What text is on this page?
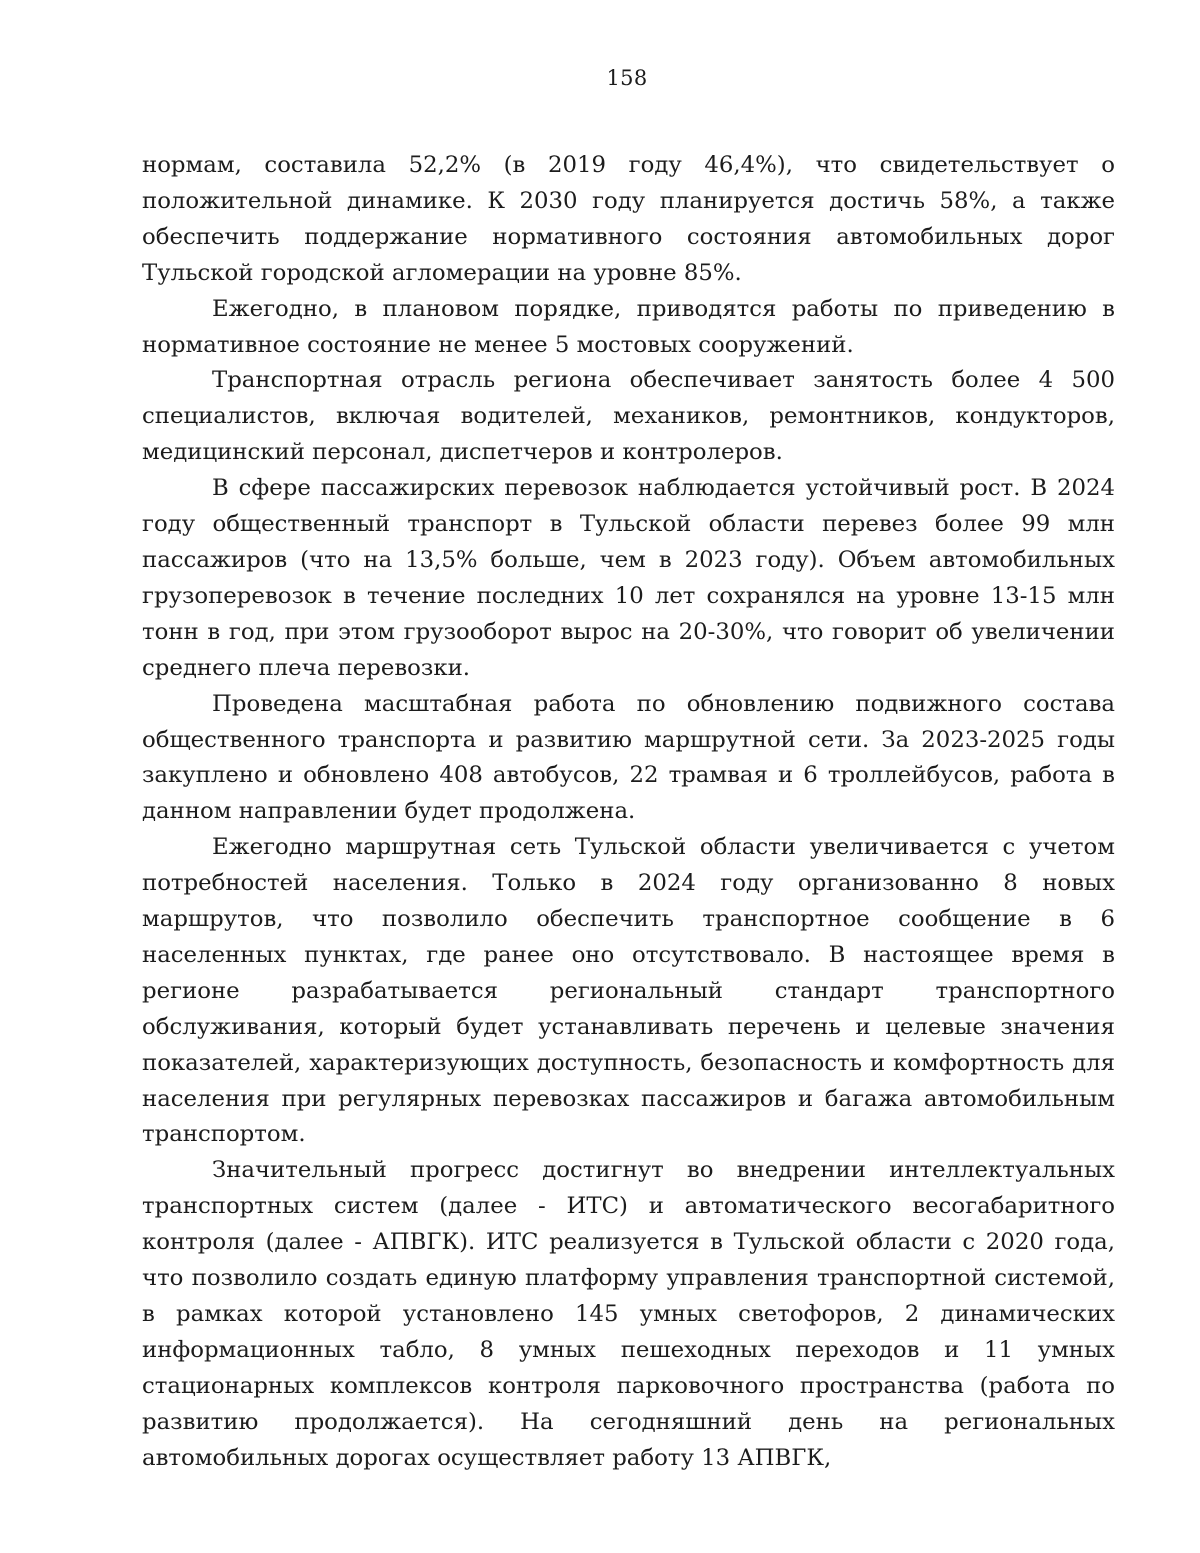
158

нормам, составила 52,2% (в 2019 году 46,4%), что свидетельствует о положительной динамике. К 2030 году планируется достичь 58%, а также обеспечить поддержание нормативного состояния автомобильных дорог Тульской городской агломерации на уровне 85%.

Ежегодно, в плановом порядке, приводятся работы по приведению в нормативное состояние не менее 5 мостовых сооружений.

Транспортная отрасль региона обеспечивает занятость более 4 500 специалистов, включая водителей, механиков, ремонтников, кондукторов, медицинский персонал, диспетчеров и контролеров.

В сфере пассажирских перевозок наблюдается устойчивый рост. В 2024 году общественный транспорт в Тульской области перевез более 99 млн пассажиров (что на 13,5% больше, чем в 2023 году). Объем автомобильных грузоперевозок в течение последних 10 лет сохранялся на уровне 13-15 млн тонн в год, при этом грузооборот вырос на 20-30%, что говорит об увеличении среднего плеча перевозки.

Проведена масштабная работа по обновлению подвижного состава общественного транспорта и развитию маршрутной сети. За 2023-2025 годы закуплено и обновлено 408 автобусов, 22 трамвая и 6 троллейбусов, работа в данном направлении будет продолжена.

Ежегодно маршрутная сеть Тульской области увеличивается с учетом потребностей населения. Только в 2024 году организованно 8 новых маршрутов, что позволило обеспечить транспортное сообщение в 6 населенных пунктах, где ранее оно отсутствовало. В настоящее время в регионе разрабатывается региональный стандарт транспортного обслуживания, который будет устанавливать перечень и целевые значения показателей, характеризующих доступность, безопасность и комфортность для населения при регулярных перевозках пассажиров и багажа автомобильным транспортом.

Значительный прогресс достигнут во внедрении интеллектуальных транспортных систем (далее - ИТС) и автоматического весогабаритного контроля (далее - АПВГК). ИТС реализуется в Тульской области с 2020 года, что позволило создать единую платформу управления транспортной системой, в рамках которой установлено 145 умных светофоров, 2 динамических информационных табло, 8 умных пешеходных переходов и 11 умных стационарных комплексов контроля парковочного пространства (работа по развитию продолжается). На сегодняшний день на региональных автомобильных дорогах осуществляет работу 13 АПВГК,
